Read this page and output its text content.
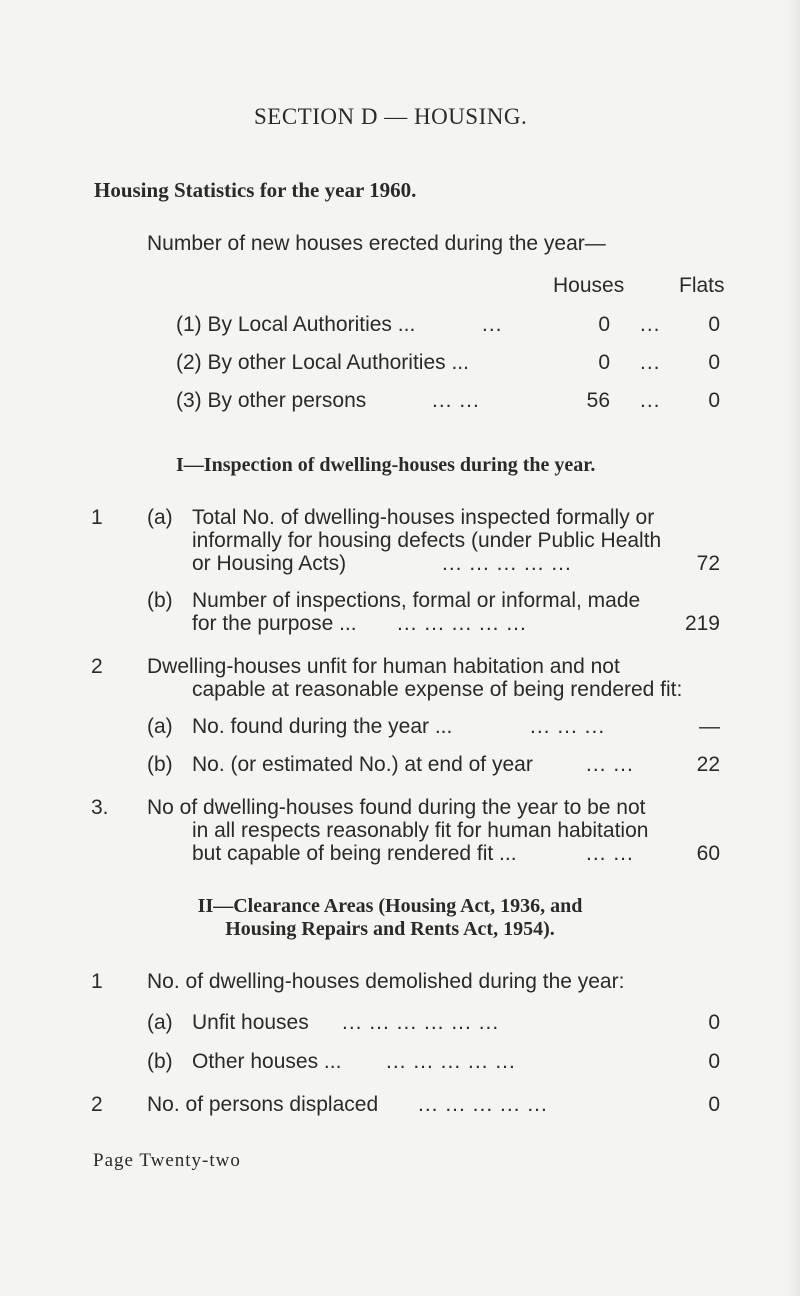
SECTION D — HOUSING.
Housing Statistics for the year 1960.
Number of new houses erected during the year—
Houses	Flats
(1) By Local Authorities ...	...	0 ...	0
(2) By other Local Authorities ...	0 ...	0
(3) By other persons	... ...	56 ...	0
I—Inspection of dwelling-houses during the year.
1 (a) Total No. of dwelling-houses inspected formally or
informally for housing defects (under Public Health
or Housing Acts)	... ... ... ... ...	72
(b) Number of inspections, formal or informal, made
for the purpose ... ... ... ... ... ...	219
2 Dwelling-houses unfit for human habitation and not
capable at reasonable expense of being rendered fit:
(a) No. found during the year ...	... ... ...	—
(b) No. (or estimated No.) at end of year	... ...	22
3. No of dwelling-houses found during the year to be not
in all respects reasonably fit for human habitation
but capable of being rendered fit ...	... ...	60
II—Clearance Areas (Housing Act, 1936, and
Housing Repairs and Rents Act, 1954).
1 No. of dwelling-houses demolished during the year:
(a) Unfit houses ... ... ... ... ... ...	0
(b) Other houses ... ... ... ... ... ...	0
2 No. of persons displaced ... ... ... ... ...	0
Page Twenty-two
